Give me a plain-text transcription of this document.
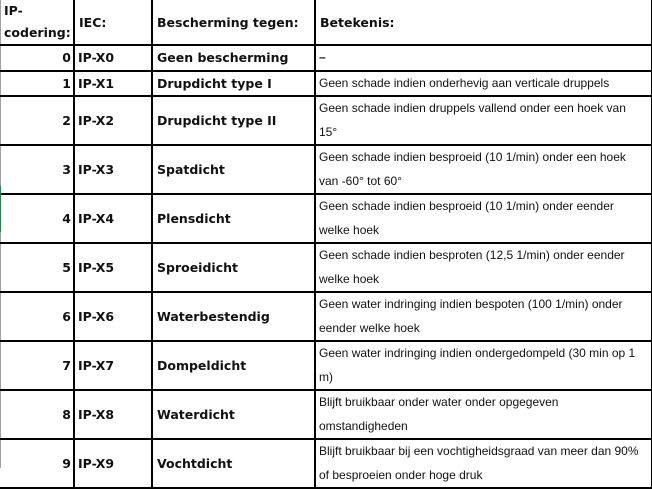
IP-codering:	IEC:	Bescherming tegen:	Betekenis:
0	IP-X0	Geen bescherming	–
1	IP-X1	Drupdicht type I	Geen schade indien onderhevig aan verticale druppels
2	IP-X2	Drupdicht type II	Geen schade indien druppels vallend onder een hoek van 15°
3	IP-X3	Spatdicht	Geen schade indien besproeid (10 1/min) onder een hoek van -60° tot 60°
4	IP-X4	Plensdicht	Geen schade indien besproeid (10 1/min) onder eender welke hoek
5	IP-X5	Sproeidicht	Geen schade indien besproten (12,5 1/min) onder eender welke hoek
6	IP-X6	Waterbestendig	Geen water indringing indien bespoten (100 1/min) onder eender welke hoek
7	IP-X7	Dompeldicht	Geen water indringing indien ondergedompeld (30 min op 1 m)
8	IP-X8	Waterdicht	Blijft bruikbaar onder water onder opgegeven omstandigheden
9	IP-X9	Vochtdicht	Blijft bruikbaar bij een vochtigheidsgraad van meer dan 90% of besproeien onder hoge druk
